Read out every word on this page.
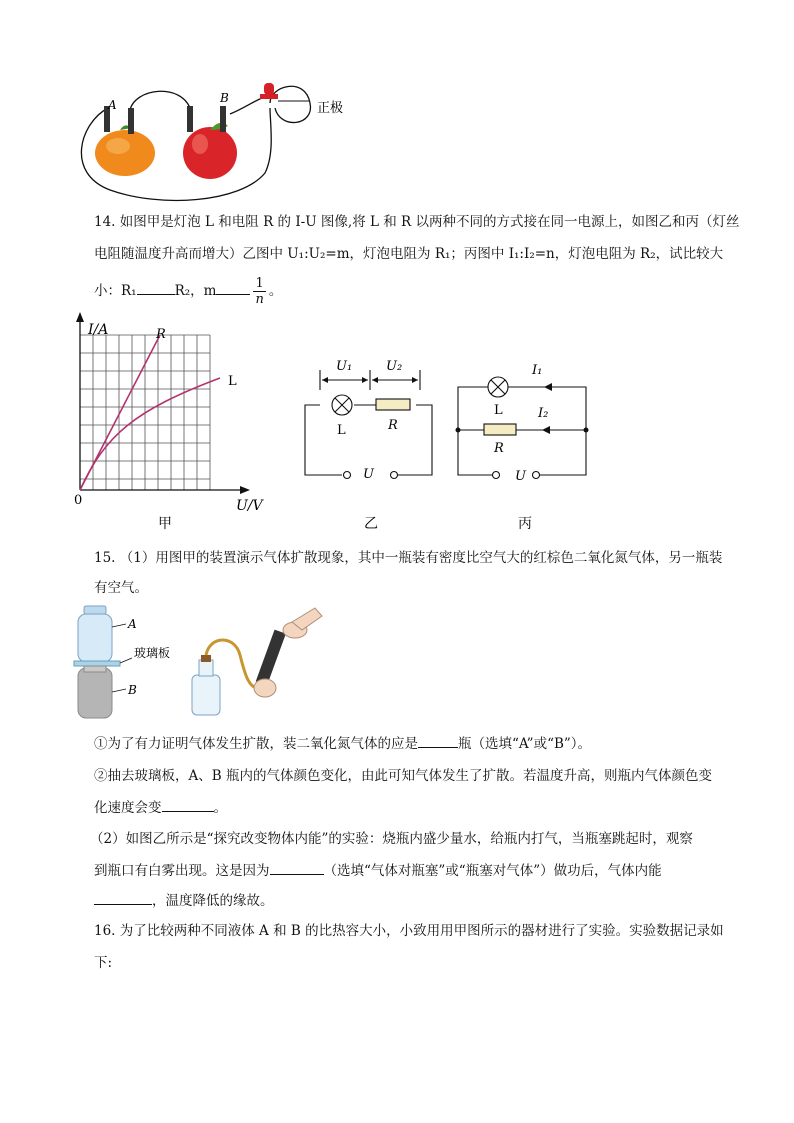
A	B
正极
14. 如图甲是灯泡 L 和电阻 R 的 I-U 图像,将 L 和 R 以两种不同的方式接在同一电源上，如图乙和丙（灯丝
电阻随温度升高而增大）乙图中 U₁:U₂=m，灯泡电阻为 R₁；丙图中 I₁:I₂=n，灯泡电阻为 R₂，试比较大
小：R₁	R₂，m	$\frac{1}{n}$ 。
I/A
U/V
0
R
L
甲
U₁	U₂
L	R
U
乙
I₁
I₂
L
R
U
丙
15. （1）用图甲的装置演示气体扩散现象，其中一瓶装有密度比空气大的红棕色二氧化氮气体，另一瓶装
有空气。
A
玻璃板
B
①为了有力证明气体发生扩散，装二氧化氮气体的应是	瓶（选填“A”或“B”）。
②抽去玻璃板，A、B 瓶内的气体颜色变化，由此可知气体发生了扩散。若温度升高，则瓶内气体颜色变
化速度会变	。
（2）如图乙所示是“探究改变物体内能”的实验：烧瓶内盛少量水，给瓶内打气，当瓶塞跳起时，观察
到瓶口有白雾出现。这是因为	（选填“气体对瓶塞”或“瓶塞对气体”）做功后，气体内能
，温度降低的缘故。
16. 为了比较两种不同液体 A 和 B 的比热容大小，小致用用甲图所示的器材进行了实验。实验数据记录如
下:
